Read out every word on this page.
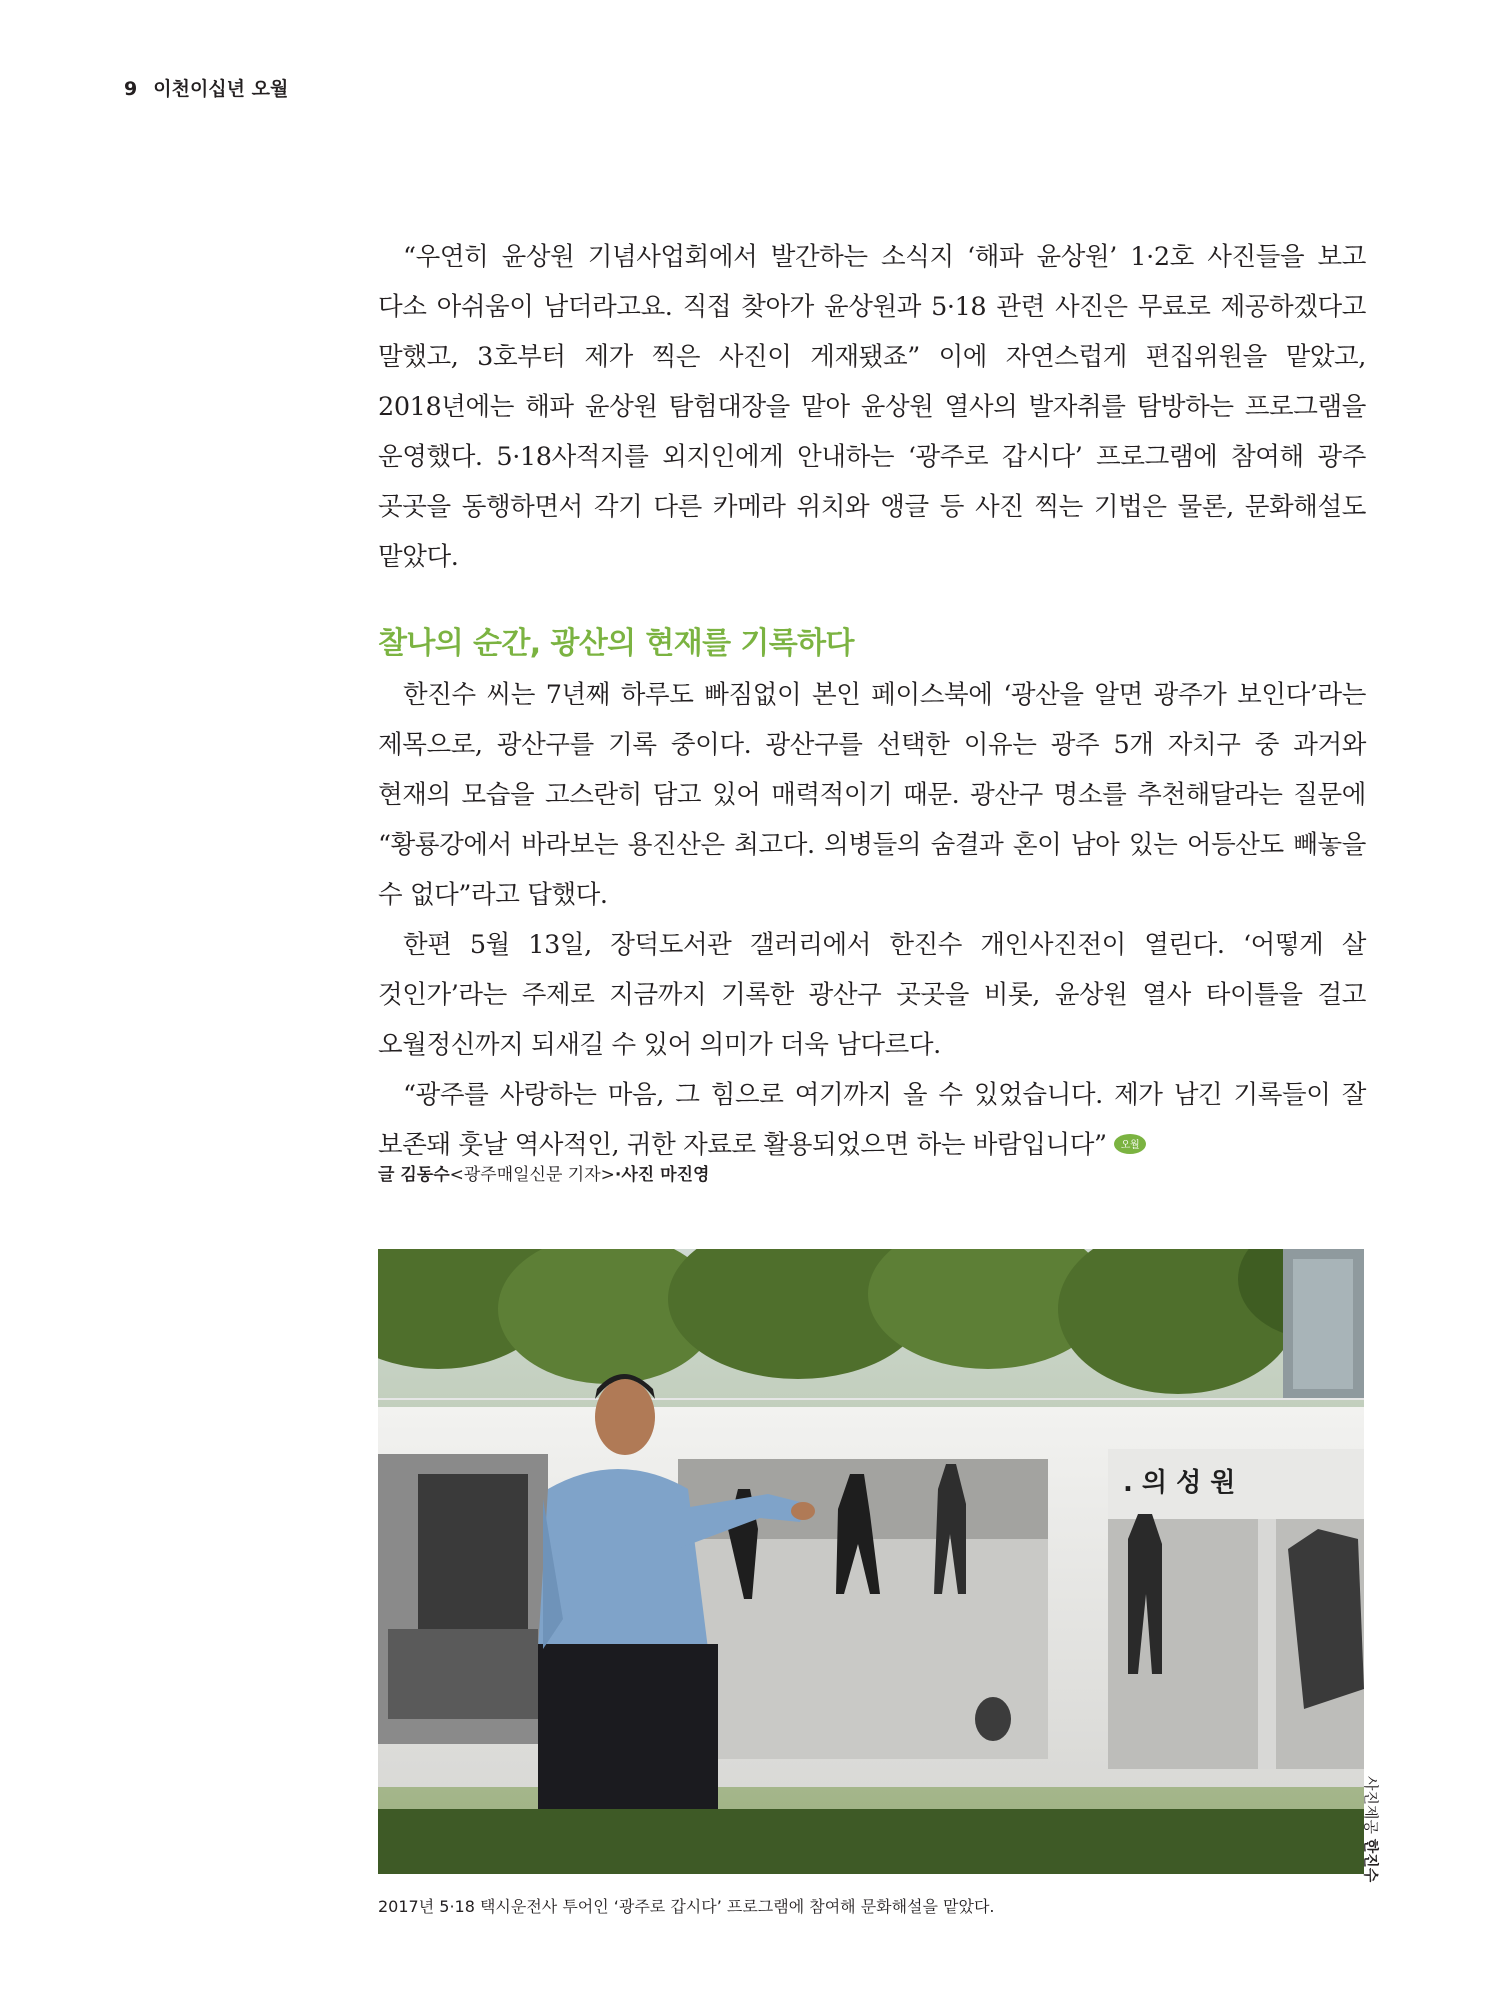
9 이천이십년 오월

“우연히 윤상원 기념사업회에서 발간하는 소식지 ‘해파 윤상원’ 1·2호 사진들을 보고 다소 아쉬움이 남더라고요. 직접 찾아가 윤상원과 5·18 관련 사진은 무료로 제공하겠다고 말했고, 3호부터 제가 찍은 사진이 게재됐죠” 이에 자연스럽게 편집위원을 맡았고, 2018년에는 해파 윤상원 탐험대장을 맡아 윤상원 열사의 발자취를 탐방하는 프로그램을 운영했다. 5·18사적지를 외지인에게 안내하는 ‘광주로 갑시다’ 프로그램에 참여해 광주 곳곳을 동행하면서 각기 다른 카메라 위치와 앵글 등 사진 찍는 기법은 물론, 문화해설도 맡았다.

찰나의 순간, 광산의 현재를 기록하다

한진수 씨는 7년째 하루도 빠짐없이 본인 페이스북에 ‘광산을 알면 광주가 보인다’라는 제목으로, 광산구를 기록 중이다. 광산구를 선택한 이유는 광주 5개 자치구 중 과거와 현재의 모습을 고스란히 담고 있어 매력적이기 때문. 광산구 명소를 추천해달라는 질문에 “황룡강에서 바라보는 용진산은 최고다. 의병들의 숨결과 혼이 남아 있는 어등산도 빼놓을 수 없다”라고 답했다.

한편 5월 13일, 장덕도서관 갤러리에서 한진수 개인사진전이 열린다. ‘어떻게 살 것인가’라는 주제로 지금까지 기록한 광산구 곳곳을 비롯, 윤상원 열사 타이틀을 걸고 오월정신까지 되새길 수 있어 의미가 더욱 남다르다.

“광주를 사랑하는 마음, 그 힘으로 여기까지 올 수 있었습니다. 제가 남긴 기록들이 잘 보존돼 훗날 역사적인, 귀한 자료로 활용되었으면 하는 바람입니다” 오월

글 김동수<광주매일신문 기자>·사진 마진영
. 의 성 원
2017년 5·18 택시운전사 투어인 ‘광주로 갑시다’ 프로그램에 참여해 문화해설을 맡았다.
사진제공 한진수
